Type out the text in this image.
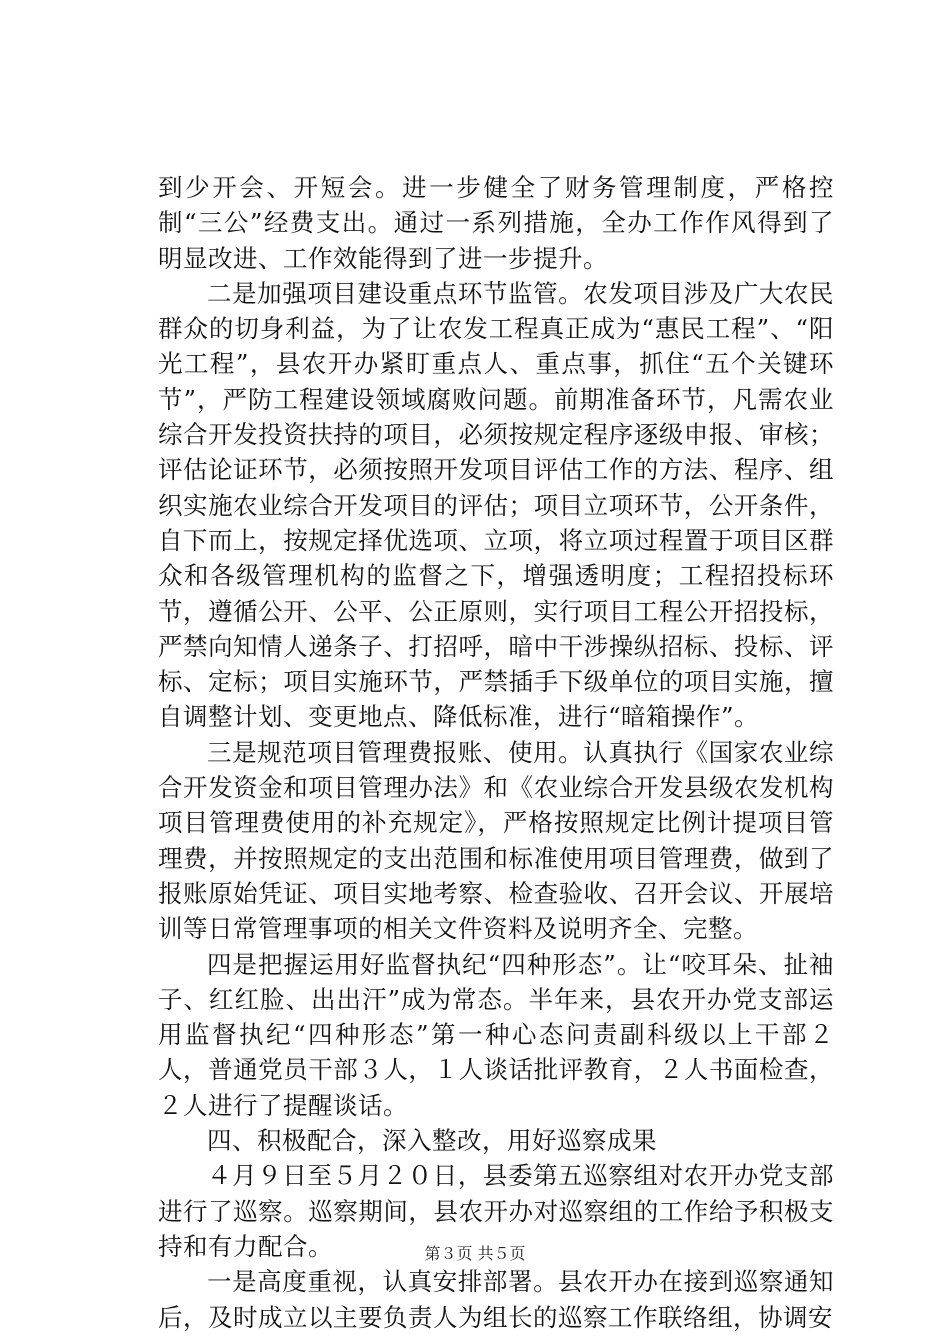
到少开会、开短会。进一步健全了财务管理制度，严格控制“三公”经费支出。通过一系列措施，全办工作作风得到了明显改进、工作效能得到了进一步提升。

二是加强项目建设重点环节监管。农发项目涉及广大农民群众的切身利益，为了让农发工程真正成为“惠民工程”、“阳光工程”，县农开办紧盯重点人、重点事，抓住“五个关键环节”，严防工程建设领域腐败问题。前期准备环节，凡需农业综合开发投资扶持的项目，必须按规定程序逐级申报、审核；评估论证环节，必须按照开发项目评估工作的方法、程序、组织实施农业综合开发项目的评估；项目立项环节，公开条件，自下而上，按规定择优选项、立项，将立项过程置于项目区群众和各级管理机构的监督之下，增强透明度；工程招投标环节，遵循公开、公平、公正原则，实行项目工程公开招投标，严禁向知情人递条子、打招呼，暗中干涉操纵招标、投标、评标、定标；项目实施环节，严禁插手下级单位的项目实施，擅自调整计划、变更地点、降低标准，进行“暗箱操作”。

三是规范项目管理费报账、使用。认真执行《国家农业综合开发资金和项目管理办法》和《农业综合开发县级农发机构项目管理费使用的补充规定》，严格按照规定比例计提项目管理费，并按照规定的支出范围和标准使用项目管理费，做到了报账原始凭证、项目实地考察、检查验收、召开会议、开展培训等日常管理事项的相关文件资料及说明齐全、完整。

四是把握运用好监督执纪“四种形态”。让“咬耳朵、扯袖子、红红脸、出出汗”成为常态。半年来，县农开办党支部运用监督执纪“四种形态”第一种心态问责副科级以上干部２人，普通党员干部３人，１人谈话批评教育，２人书面检查，２人进行了提醒谈话。

四、积极配合，深入整改，用好巡察成果

４月９日至５月２０日，县委第五巡察组对农开办党支部进行了巡察。巡察期间，县农开办对巡察组的工作给予积极支持和有力配合。

一是高度重视，认真安排部署。县农开办在接到巡察通知后，及时成立以主要负责人为组长的巡察工作联络组，协调安

第３页 共５页
